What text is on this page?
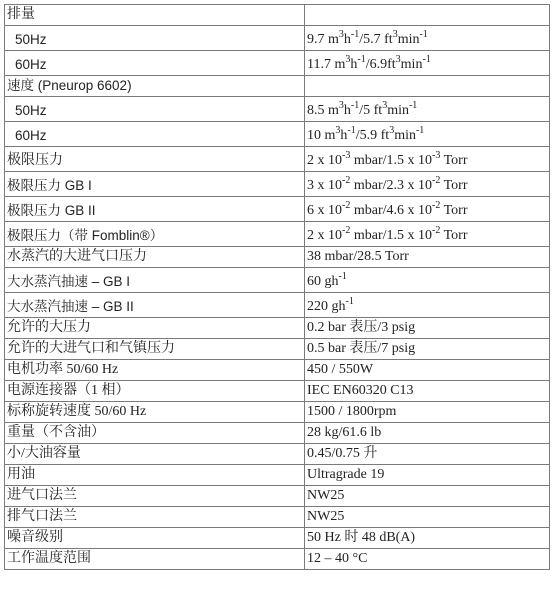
排量	
50Hz	9.7 $m^3h^{-1}/5.7$ $ft^3\min^{-1}$
60Hz	11.7 $m^3h^{-1}/6.9ft^3\min^{-1}$
速度 (Pneurop 6602)	
50Hz	8.5 $m^3h^{-1}/5$ $ft^3\min^{-1}$
60Hz	10 $m^3h^{-1}/5.9$ $ft^3\min^{-1}$
极限压力	2 x $10^{-3}$ mbar/1.5 x $10^{-3}$ Torr
极限压力 GB I	3 x $10^{-2}$ mbar/2.3 x $10^{-2}$ Torr
极限压力 GB II	6 x $10^{-2}$ mbar/4.6 x $10^{-2}$ Torr
极限压力（带 Fomblin®）	2 x $10^{-2}$ mbar/1.5 x $10^{-2}$ Torr
水蒸汽的大进气口压力	38 mbar/28.5 Torr
大水蒸汽抽速 – GB I	60 $gh^{-1}$
大水蒸汽抽速 – GB II	220 $gh^{-1}$
允许的大压力	0.2 bar 表压/3 psig
允许的大进气口和气镇压力	0.5 bar 表压/7 psig
电机功率 50/60 Hz	450 / 550W
电源连接器（1 相）	IEC EN60320 C13
标称旋转速度 50/60 Hz	1500 / 1800rpm
重量（不含油）	28 kg/61.6 lb
小/大油容量	0.45/0.75 升
用油	Ultragrade 19
进气口法兰	NW25
排气口法兰	NW25
噪音级别	50 Hz 时 48 dB(A)
工作温度范围	12 – 40 °C
